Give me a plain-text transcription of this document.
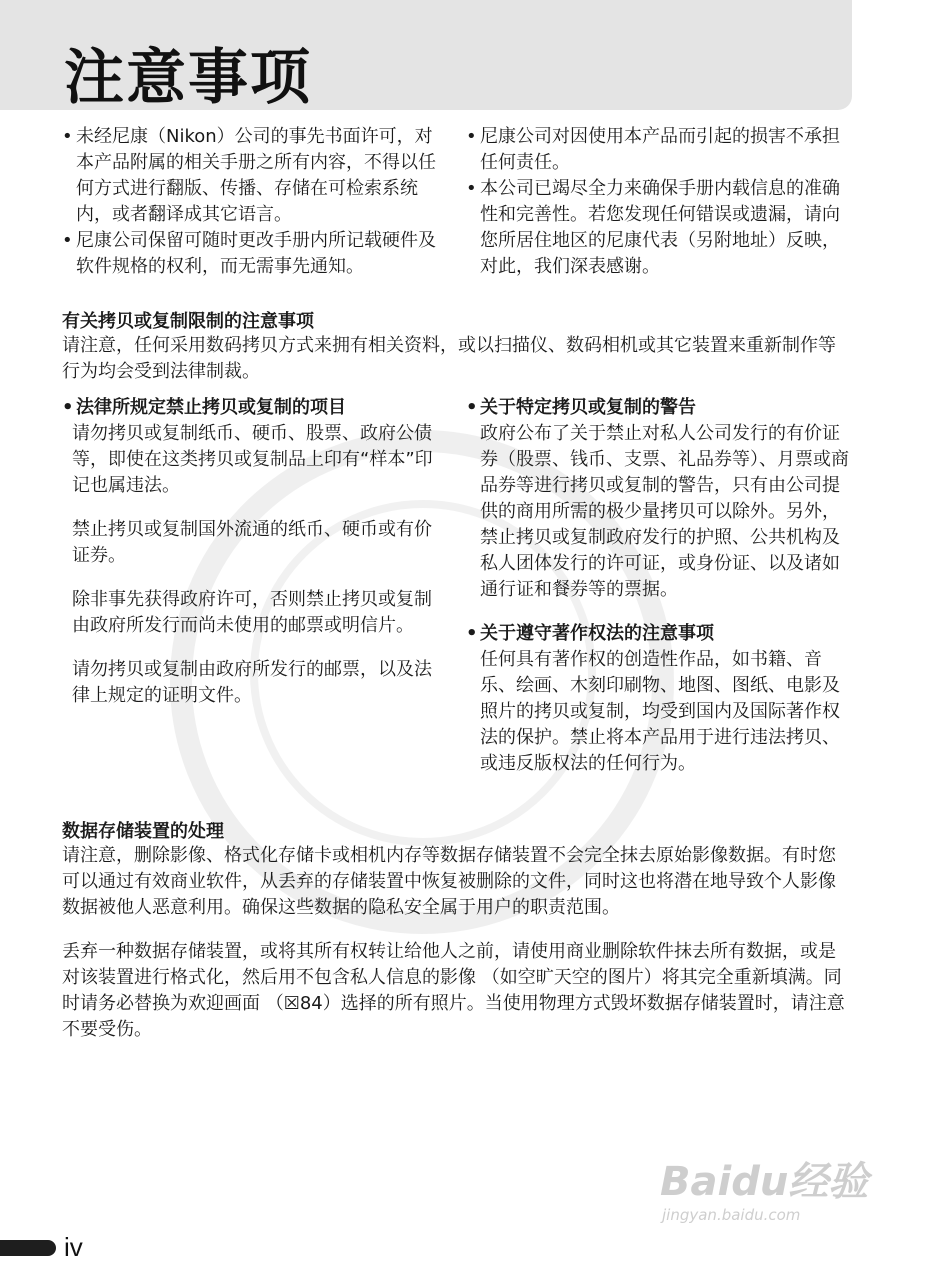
注意事项
• 未经尼康（Nikon）公司的事先书面许可，对本产品附属的相关手册之所有内容，不得以任何方式进行翻版、传播、存储在可检索系统内，或者翻译成其它语言。
• 尼康公司保留可随时更改手册内所记载硬件及软件规格的权利，而无需事先通知。
• 尼康公司对因使用本产品而引起的损害不承担任何责任。
• 本公司已竭尽全力来确保手册内载信息的准确性和完善性。若您发现任何错误或遗漏，请向您所居住地区的尼康代表（另附地址）反映，对此，我们深表感谢。
有关拷贝或复制限制的注意事项
请注意，任何采用数码拷贝方式来拥有相关资料，或以扫描仪、数码相机或其它装置来重新制作等行为均会受到法律制裁。
• 法律所规定禁止拷贝或复制的项目
请勿拷贝或复制纸币、硬币、股票、政府公债等，即使在这类拷贝或复制品上印有“样本”印记也属违法。
禁止拷贝或复制国外流通的纸币、硬币或有价证券。
除非事先获得政府许可，否则禁止拷贝或复制由政府所发行而尚未使用的邮票或明信片。
请勿拷贝或复制由政府所发行的邮票，以及法律上规定的证明文件。
• 关于特定拷贝或复制的警告
政府公布了关于禁止对私人公司发行的有价证券（股票、钱币、支票、礼品券等）、月票或商品券等进行拷贝或复制的警告，只有由公司提供的商用所需的极少量拷贝可以除外。另外，禁止拷贝或复制政府发行的护照、公共机构及私人团体发行的许可证，或身份证、以及诸如通行证和餐券等的票据。
• 关于遵守著作权法的注意事项
任何具有著作权的创造性作品，如书籍、音乐、绘画、木刻印刷物、地图、图纸、电影及照片的拷贝或复制，均受到国内及国际著作权法的保护。禁止将本产品用于进行违法拷贝、或违反版权法的任何行为。
数据存储装置的处理
请注意，删除影像、格式化存储卡或相机内存等数据存储装置不会完全抹去原始影像数据。有时您可以通过有效商业软件，从丢弃的存储装置中恢复被删除的文件，同时这也将潜在地导致个人影像数据被他人恶意利用。确保这些数据的隐私安全属于用户的职责范围。
丢弃一种数据存储装置，或将其所有权转让给他人之前，请使用商业删除软件抹去所有数据，或是对该装置进行格式化，然后用不包含私人信息的影像 （如空旷天空的图片）将其完全重新填满。同时请务必替换为欢迎画面 （☒84）选择的所有照片。当使用物理方式毁坏数据存储装置时，请注意不要受伤。
Baidu经验
jingyan.baidu.com
iv
